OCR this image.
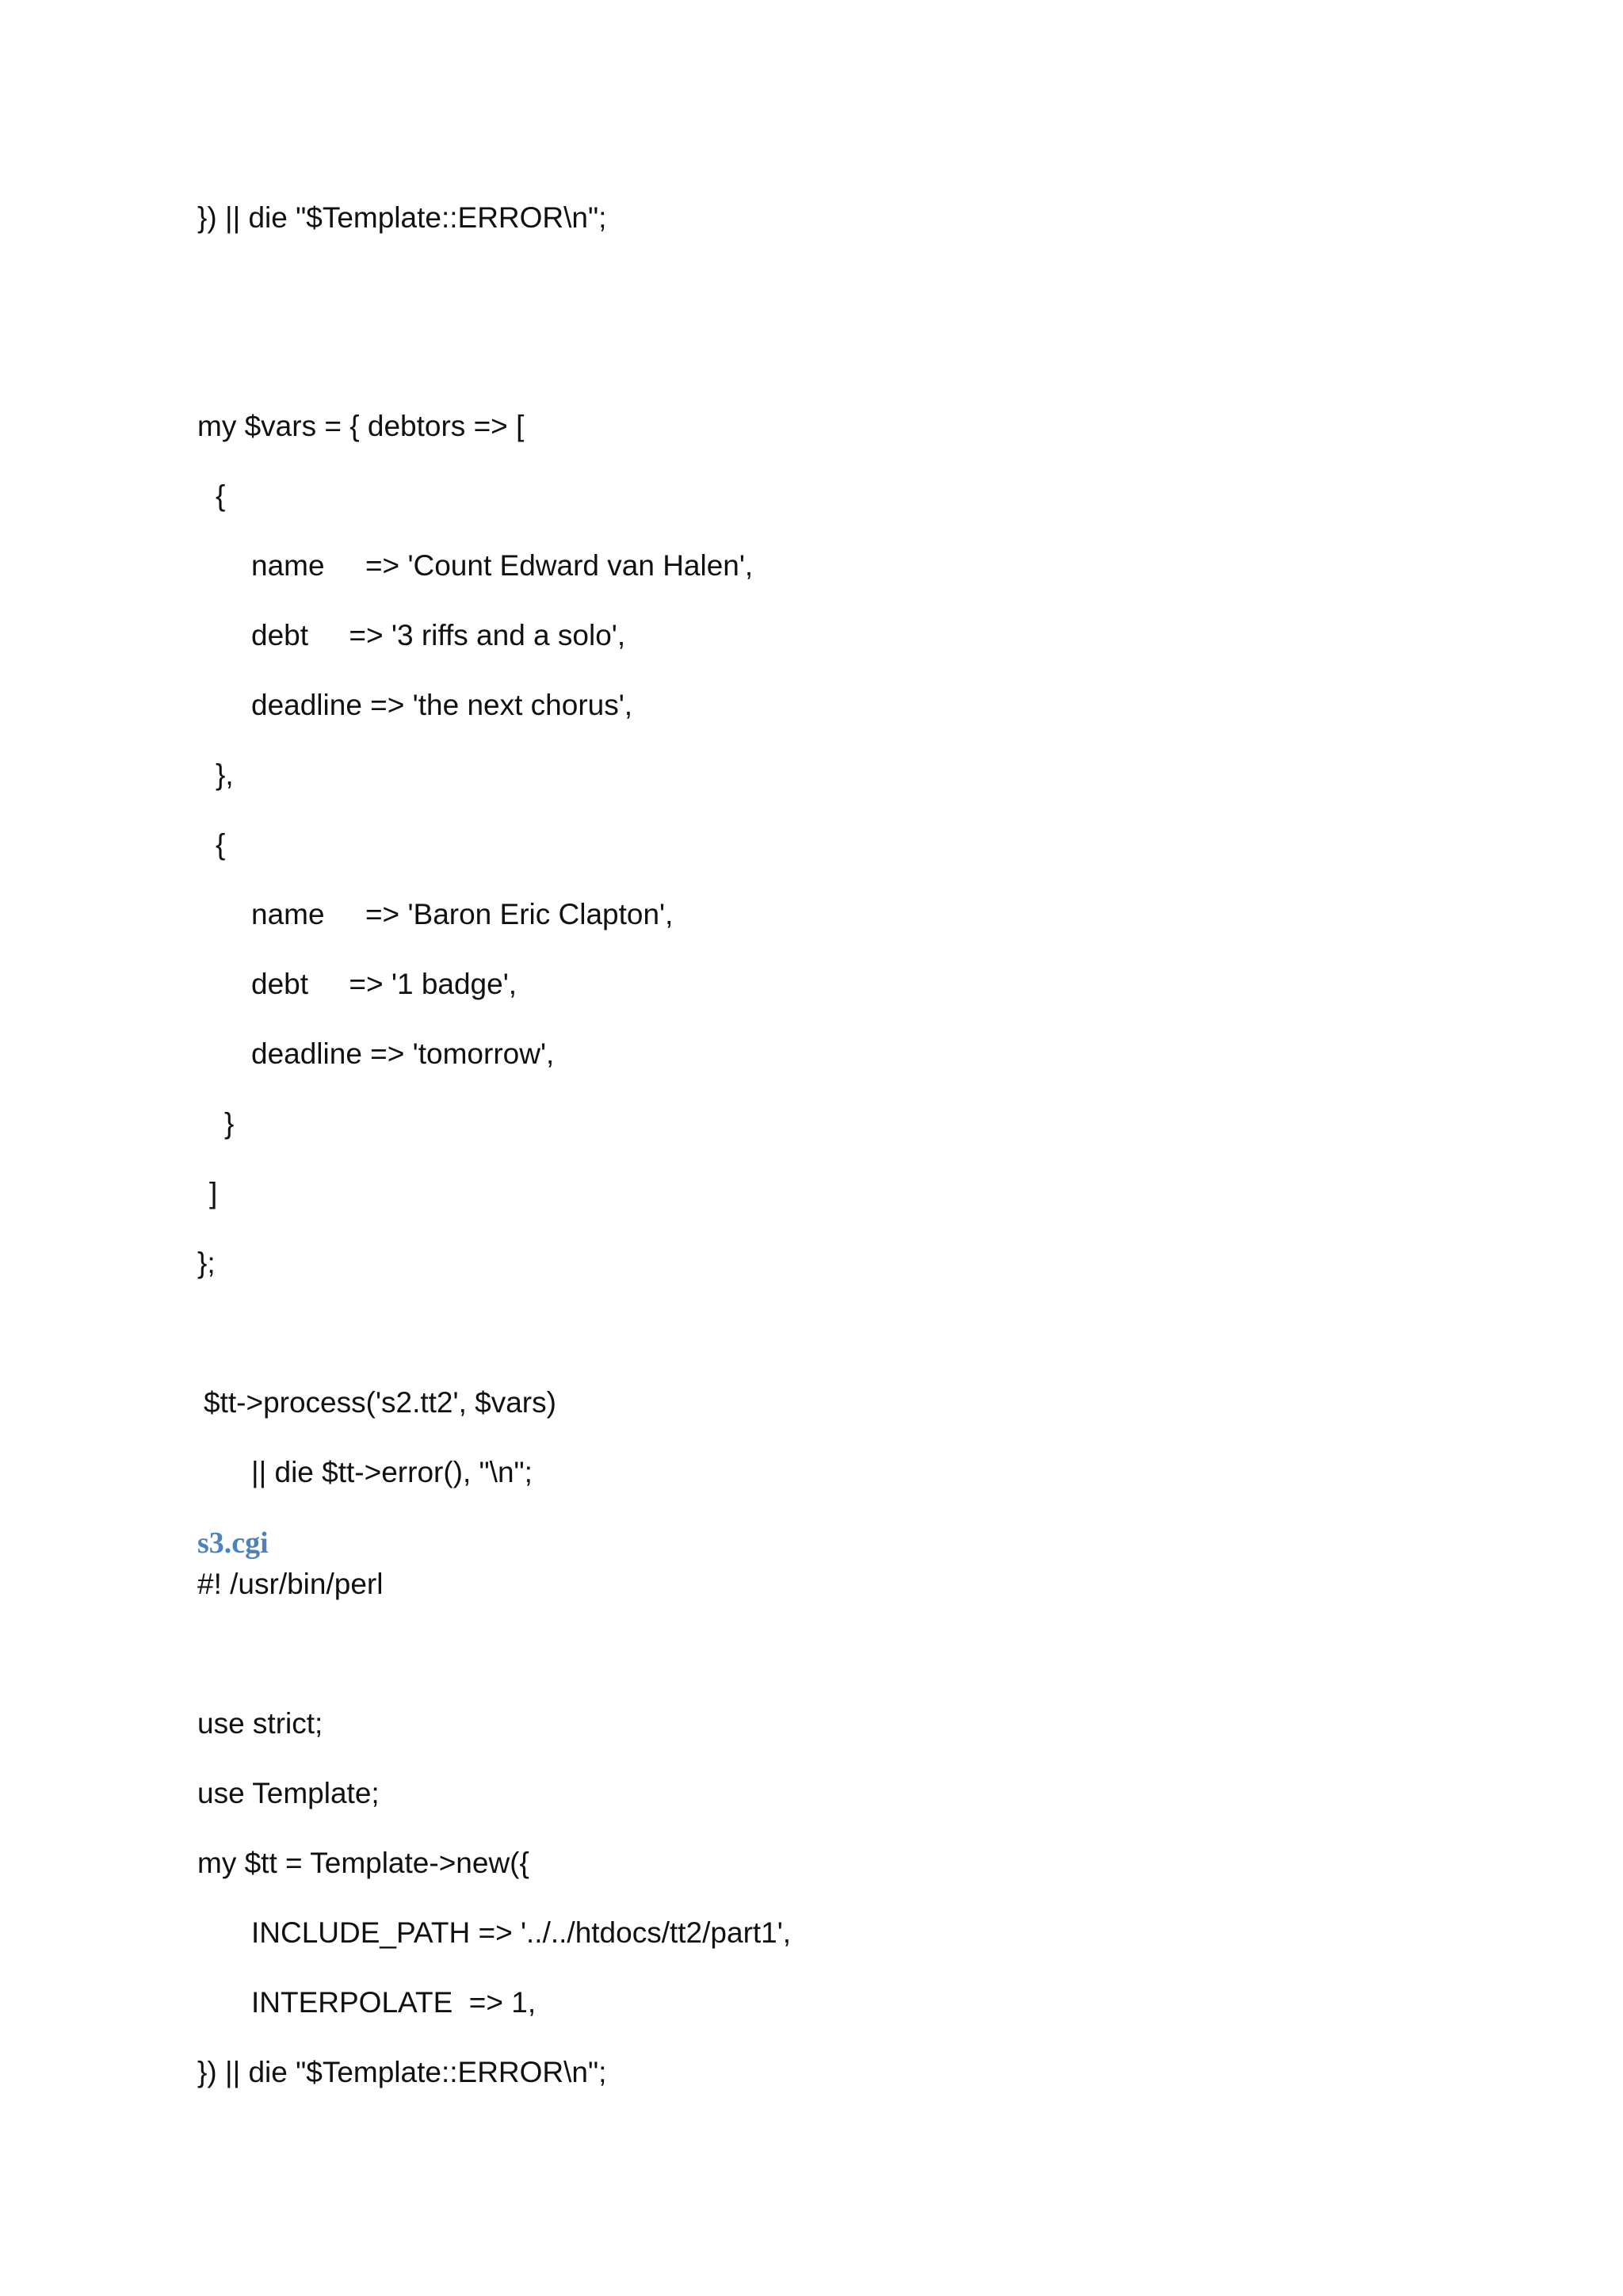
}) || die "$Template::ERROR\n";
my $vars = { debtors => [
{
name     => 'Count Edward van Halen',
debt     => '3 riffs and a solo',
deadline => 'the next chorus',
},
{
name     => 'Baron Eric Clapton',
debt     => '1 badge',
deadline => 'tomorrow',
}
]
};
$tt->process('s2.tt2', $vars)
|| die $tt->error(), "\n";
s3.cgi
#! /usr/bin/perl
use strict;
use Template;
my $tt = Template->new({
INCLUDE_PATH => '../../htdocs/tt2/part1',
INTERPOLATE  => 1,
}) || die "$Template::ERROR\n";
